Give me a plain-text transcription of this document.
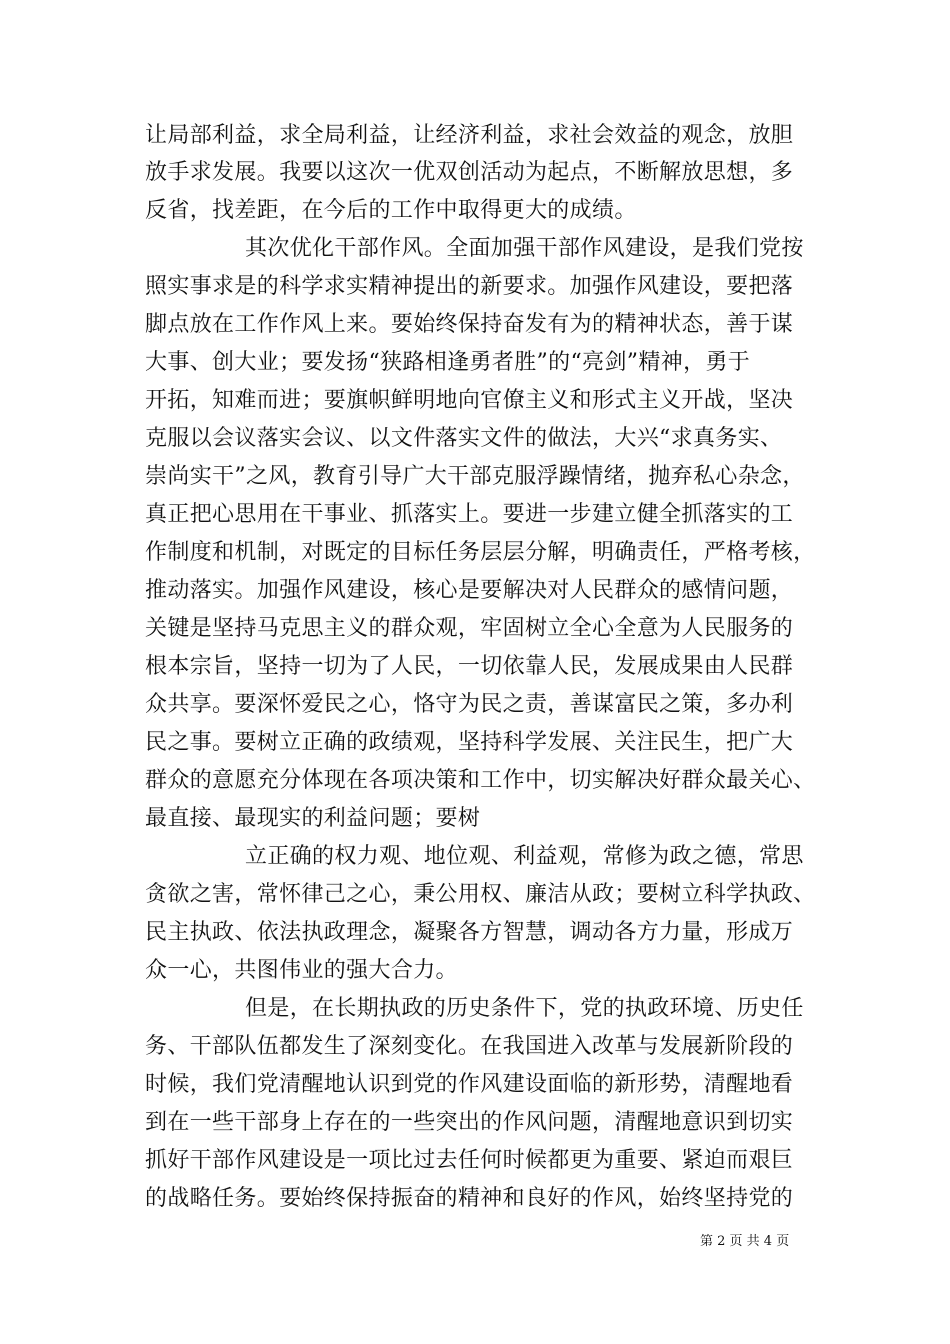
让局部利益，求全局利益，让经济利益，求社会效益的观念，放胆
放手求发展。我要以这次一优双创活动为起点，不断解放思想，多
反省，找差距，在今后的工作中取得更大的成绩。
其次优化干部作风。全面加强干部作风建设，是我们党按
照实事求是的科学求实精神提出的新要求。加强作风建设，要把落
脚点放在工作作风上来。要始终保持奋发有为的精神状态，善于谋
大事、创大业；要发扬“狭路相逢勇者胜”的“亮剑”精神，勇于
开拓，知难而进；要旗帜鲜明地向官僚主义和形式主义开战，坚决
克服以会议落实会议、以文件落实文件的做法，大兴“求真务实、
崇尚实干”之风，教育引导广大干部克服浮躁情绪，抛弃私心杂念，
真正把心思用在干事业、抓落实上。要进一步建立健全抓落实的工
作制度和机制，对既定的目标任务层层分解，明确责任，严格考核，
推动落实。加强作风建设，核心是要解决对人民群众的感情问题，
关键是坚持马克思主义的群众观，牢固树立全心全意为人民服务的
根本宗旨，坚持一切为了人民，一切依靠人民，发展成果由人民群
众共享。要深怀爱民之心，恪守为民之责，善谋富民之策，多办利
民之事。要树立正确的政绩观，坚持科学发展、关注民生，把广大
群众的意愿充分体现在各项决策和工作中，切实解决好群众最关心、
最直接、最现实的利益问题；要树
立正确的权力观、地位观、利益观，常修为政之德，常思
贪欲之害，常怀律己之心，秉公用权、廉洁从政；要树立科学执政、
民主执政、依法执政理念，凝聚各方智慧，调动各方力量，形成万
众一心，共图伟业的强大合力。
但是，在长期执政的历史条件下，党的执政环境、历史任
务、干部队伍都发生了深刻变化。在我国进入改革与发展新阶段的
时候，我们党清醒地认识到党的作风建设面临的新形势，清醒地看
到在一些干部身上存在的一些突出的作风问题，清醒地意识到切实
抓好干部作风建设是一项比过去任何时候都更为重要、紧迫而艰巨
的战略任务。要始终保持振奋的精神和良好的作风，始终坚持党的
第 2 页 共 4 页
